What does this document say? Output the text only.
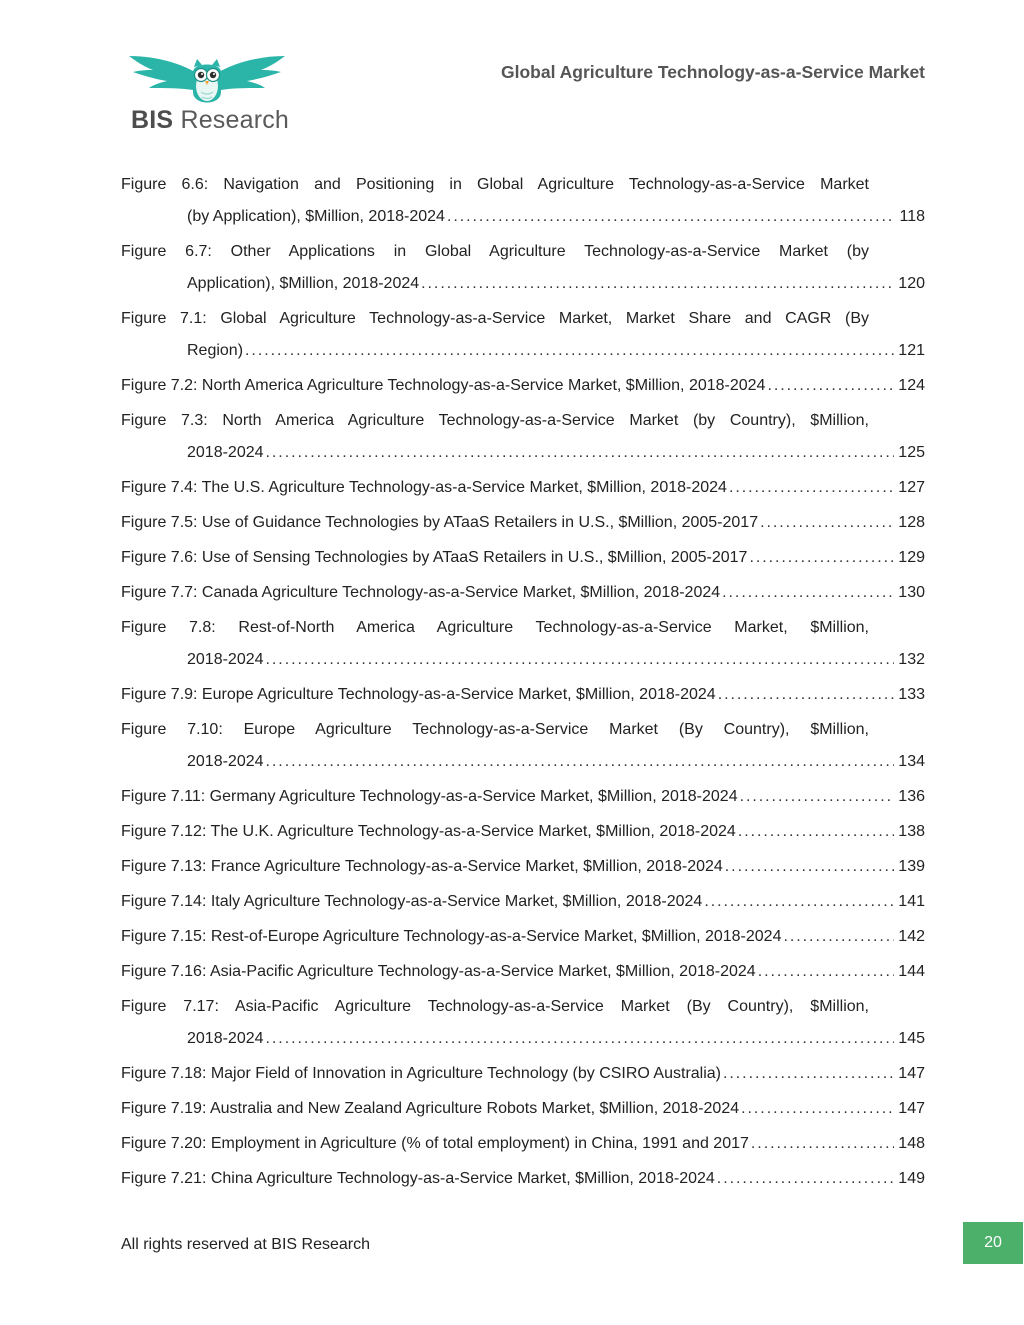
BIS Research
Global Agriculture Technology-as-a-Service Market
Figure 6.6: Navigation and Positioning in Global Agriculture Technology-as-a-Service Market
(by Application), $Million, 2018-2024 . . .	118
Figure 6.7: Other Applications in Global Agriculture Technology-as-a-Service Market (by
Application), $Million, 2018-2024 . . .	120
Figure 7.1: Global Agriculture Technology-as-a-Service Market, Market Share and CAGR (By
Region) . . .	121
Figure 7.2: North America Agriculture Technology-as-a-Service Market, $Million, 2018-2024 . . .	124
Figure 7.3: North America Agriculture Technology-as-a-Service Market (by Country), $Million,
2018-2024 . . .	125
Figure 7.4: The U.S. Agriculture Technology-as-a-Service Market, $Million, 2018-2024 . . .	127
Figure 7.5: Use of Guidance Technologies by ATaaS Retailers in U.S., $Million, 2005-2017 . . .	128
Figure 7.6: Use of Sensing Technologies by ATaaS Retailers in U.S., $Million, 2005-2017 . . .	129
Figure 7.7: Canada Agriculture Technology-as-a-Service Market, $Million, 2018-2024 . . .	130
Figure 7.8: Rest-of-North America Agriculture Technology-as-a-Service Market, $Million,
2018-2024 . . .	132
Figure 7.9: Europe Agriculture Technology-as-a-Service Market, $Million, 2018-2024 . . .	133
Figure 7.10: Europe Agriculture Technology-as-a-Service Market (By Country), $Million,
2018-2024 . . .	134
Figure 7.11: Germany Agriculture Technology-as-a-Service Market, $Million, 2018-2024 . . .	136
Figure 7.12: The U.K. Agriculture Technology-as-a-Service Market, $Million, 2018-2024 . . .	138
Figure 7.13: France Agriculture Technology-as-a-Service Market, $Million, 2018-2024 . . .	139
Figure 7.14: Italy Agriculture Technology-as-a-Service Market, $Million, 2018-2024 . . .	141
Figure 7.15: Rest-of-Europe Agriculture Technology-as-a-Service Market, $Million, 2018-2024 . . .	142
Figure 7.16: Asia-Pacific Agriculture Technology-as-a-Service Market, $Million, 2018-2024 . . .	144
Figure 7.17: Asia-Pacific Agriculture Technology-as-a-Service Market (By Country), $Million,
2018-2024 . . .	145
Figure 7.18: Major Field of Innovation in Agriculture Technology (by CSIRO Australia) . . .	147
Figure 7.19: Australia and New Zealand Agriculture Robots Market, $Million, 2018-2024 . . .	147
Figure 7.20: Employment in Agriculture (% of total employment) in China, 1991 and 2017 . . .	148
Figure 7.21: China Agriculture Technology-as-a-Service Market, $Million, 2018-2024 . . .	149
All rights reserved at BIS Research	20
